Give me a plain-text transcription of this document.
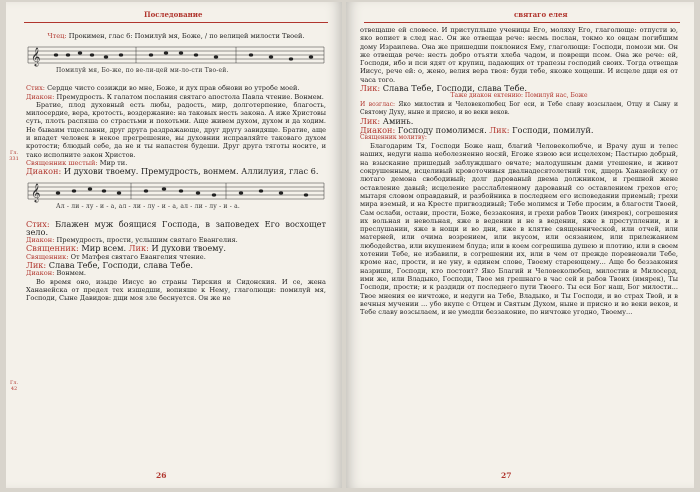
Последование
Гл. 331
Гл. 42

Чтец: Прокимен, глас 6: Помилуй мя, Боже, / по велицей милости Твоей.

𝄞
Помилуй мя, Бо-же, по ве-ли-цей ми-ло-сти Тво-ей.

Стих: Сердце чисто созижди во мне, Боже, и дух прав обнови во утробе моей.

Диакон: Премудрость. К галатом послания святаго апостола Павла чтение. Вонмем.

Братие, плод духовный есть любы, радость, мир, долготерпение, благость, милосердие, вера, кротость, воздержание: на таковых несть закона. А иже Христовы суть, плоть распяша со страстьми и похотьми. Аще живем духом, духом и да ходим. Не бываим тщеславни, друг друга раздражающе, друг другу завидяще. Братие, аще и впадет человек в некое прегрешение, вы духовнии исправляйте таковаго духом кротости; блюдый себе, да не и ты напастен будеши. Друг друга тяготы носите, и тако исполните закон Христов.

Священник шестый: Мир ти.

Диакон: И духови твоему. Премудрость, вонмем. Аллилуия, глас 6.

𝄞
Ал - ли - лу - и - а, ал - ли - лу - и - а, ал - ли - лу - и - а.

Стих: Блажен муж боящися Господа, в заповедех Его восхощет зело.

Диакон: Премудрость, прости, услышим святаго Евангелия.

Священник: Мир всем. Лик: И духови твоему.

Священник: От Матфея святаго Евангелия чтение.

Лик: Слава Тебе, Господи, слава Тебе.

Диакон: Вонмем.

Во время оно, изыде Иисус во страны Тирския и Сидонския. И се, жена Хананейска от предел тех изшедши, вопияше к Нему, глаголющи: помилуй мя, Господи, Сыне Давидов: дщи моя зле беснуется. Он же не

26
святаго елея

отвещаше ей словесе. И приступльше ученицы Его, моляху Его, глаголюще: отпусти ю, яко вопиет в след нас. Он же отвещав рече: несмь послан, токмо ко овцам погибшим дому Израилева. Она же пришедши поклонися Ему, глаголющи: Господи, помози ми. Он же отвещав рече: несть добро отъяти хлеба чадом, и поврещи псом. Она же рече: ей, Господи, ибо и пси ядят от крупиц, падающих от трапезы господий своих. Тогда отвещав Иисус, рече ей: о, жено, велия вера твоя: буди тебе, якоже хощеши. И исцеле дщи ея от часа того.

Лик: Слава Тебе, Господи, слава Тебе.

Таже диакон ектению: Помилуй нас, Боже

И возглас: Яко милостив и Человеколюбец Бог еси, и Тебе славу возсылаем, Отцу и Сыну и Святому Духу, ныне и присно, и во веки веков.

Лик: Аминь.

Диакон: Господу помолимся. Лик: Господи, помилуй.

Священник молитву:

Благодарим Тя, Господи Боже наш, благий Человеколюбче, и Врачу душ и телес наших, недуги наша неболезненно носяй, Егоже язвою вси исцелехом; Пастырю добрый, на взыскание пришедый заблуждшаго овчате; малодушным дами утешение, и живот сокрушенным, исцеливый кровоточивыя двалнадесятолетний ток, дщерь Хананейску от лютаго демона свободивый; долг дарованый двема должником, и грешной жене оставление давый; исцеление расслабленному даровавый со оставлением грехов его; мытаря словом оправдавый, и разбойника в последнем его исповедании приемый; грехи мира вземый, и на Кресте пригвоздивый; Тебе молимся и Тебе просим, в благости Твоей, Сам ослаби, остави, прости, Боже, беззакония, и грехи рабов Твоих (имярек), согрешения их вольная и невольная, яже в ведении и не в ведении, яже в преступлении, и в преслушании, яже в нощи и во дни, яже в клятве священнической, или отчей, или матерней, или очима возрением, или вкусом, или осязанием, или прилежанием любодейства, или вкушением блуда; или в коем согрешиша душею и плотию, или в своем хотении Тебе, не избавили, в согрешении их, или в чем от прежде поревновали Тебе, кроме нас, прости, и не уну, в единем слове, Твоему стареющему... Аще бо беззакония назриши, Господи, кто постоит? Яко Благий и Человеколюбец, милостив и Милосерд, ими же, или Владыко, Господи, Твое мя грешнаго в час сей и рабов Твоих (имярек), Ты Господи, прости; и к раздиди от последнего пути Твоего. Ты еси Бог наш, Бог милости... Твое мнения ее ничтоже, и недуги на Тебе, Владыко, и Ты Господи, и во страх Твой, и в вечныя мучении ... убо вкупе с Отцем и Святым Духом, ныне и присно и во веки веков, и Тебе славу возсылаем, и не умедли беззаконие, по ничтоже угодно, Твоему...

27
